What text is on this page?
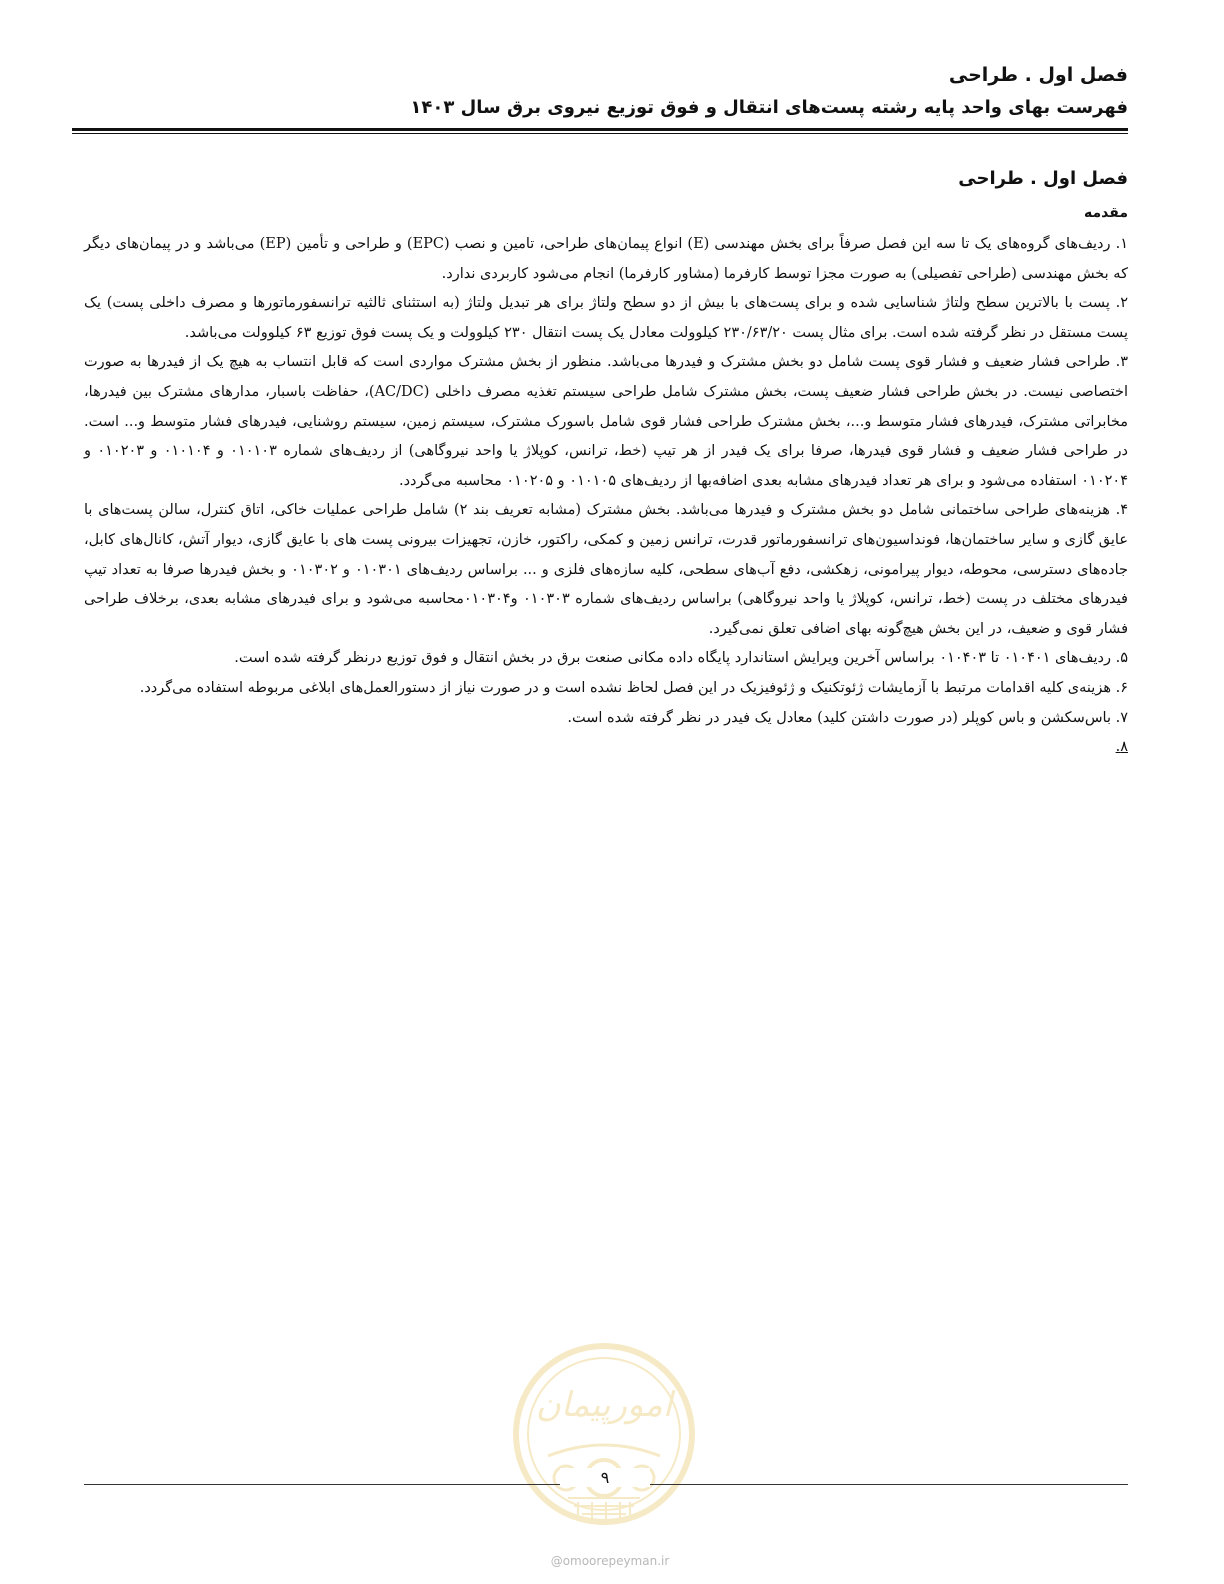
فصل اول . طراحی
فهرست بهای واحد پایه رشته پست‌های انتقال و فوق توزیع نیروی برق سال ۱۴۰۳
فصل اول . طراحی
مقدمه

۱. ردیف‌های گروه‌های یک تا سه این فصل صرفاً برای بخش مهندسی (E) انواع پیمان‌های طراحی، تامین و نصب (EPC) و طراحی و تأمین (EP) می‌باشد و در پیمان‌های دیگر که بخش مهندسی (طراحی تفصیلی) به صورت مجزا توسط کارفرما (مشاور کارفرما) انجام می‌شود کاربردی ندارد.

۲. پست با بالاترین سطح ولتاژ شناسایی شده و برای پست‌های با بیش از دو سطح ولتاژ برای هر تبدیل ولتاژ (به استثنای ثالثیه ترانسفورماتورها و مصرف داخلی پست) یک پست مستقل در نظر گرفته شده است. برای مثال پست ۲۳۰/۶۳/۲۰ کیلوولت معادل یک پست انتقال ۲۳۰ کیلوولت و یک پست فوق توزیع ۶۳ کیلوولت می‌باشد.

۳. طراحی فشار ضعیف و فشار قوی پست شامل دو بخش مشترک و فیدرها می‌باشد. منظور از بخش مشترک مواردی است که قابل انتساب به هیچ یک از فیدرها به صورت اختصاصی نیست. در بخش طراحی فشار ضعیف پست، بخش مشترک شامل طراحی سیستم تغذیه مصرف داخلی (AC/DC)، حفاظت باسبار، مدارهای مشترک بین فیدرها، مخابراتی مشترک، فیدرهای فشار متوسط و...، بخش مشترک طراحی فشار قوی شامل باسورک مشترک، سیستم زمین، سیستم روشنایی، فیدرهای فشار متوسط و... است. در طراحی فشار ضعیف و فشار قوی فیدرها، صرفا برای یک فیدر از هر تیپ (خط، ترانس، کوپلاژ یا واحد نیروگاهی) از ردیف‌های شماره ۰۱۰۱۰۳ و ۰۱۰۱۰۴ و ۰۱۰۲۰۳ و ۰۱۰۲۰۴ استفاده می‌شود و برای هر تعداد فیدرهای مشابه بعدی اضافه‌بها از ردیف‌های ۰۱۰۱۰۵ و ۰۱۰۲۰۵ محاسبه می‌گردد.

۴. هزینه‌های طراحی ساختمانی شامل دو بخش مشترک و فیدرها می‌باشد. بخش مشترک (مشابه تعریف بند ۲) شامل طراحی عملیات خاکی، اتاق کنترل، سالن پست‌های با عایق گازی و سایر ساختمان‌ها، فونداسیون‌های ترانسفورماتور قدرت، ترانس زمین و کمکی، راکتور، خازن، تجهیزات بیرونی پست های با عایق گازی، دیوار آتش، کانال‌های کابل، جاده‌های دسترسی، محوطه، دیوار پیرامونی، زهکشی، دفع آب‌های سطحی، کلیه سازه‌های فلزی و ... براساس ردیف‌های ۰۱۰۳۰۱ و ۰۱۰۳۰۲ و بخش فیدرها صرفا به تعداد تیپ فیدرهای مختلف در پست (خط، ترانس، کوپلاژ یا واحد نیروگاهی) براساس ردیف‌های شماره ۰۱۰۳۰۳ و۰۱۰۳۰۴محاسبه می‌شود و برای فیدرهای مشابه بعدی، برخلاف طراحی فشار قوی و ضعیف، در این بخش هیچ‌گونه بهای اضافی تعلق نمی‌گیرد.

۵. ردیف‌های ۰۱۰۴۰۱ تا ۰۱۰۴۰۳ براساس آخرین ویرایش استاندارد پایگاه داده مکانی صنعت برق در بخش انتقال و فوق توزیع درنظر گرفته شده است.

۶. هزینه‌ی کلیه اقدامات مرتبط با آزمایشات ژئوتکنیک و ژئوفیزیک در این فصل لحاظ نشده است و در صورت نیاز از دستورالعمل‌های ابلاغی مربوطه استفاده می‌گردد.

۷. باس‌سکشن و باس کوپلر (در صورت داشتن کلید) معادل یک فیدر در نظر گرفته شده است.

۸.

امورپیمان
۹
@omoorepeyman.ir
